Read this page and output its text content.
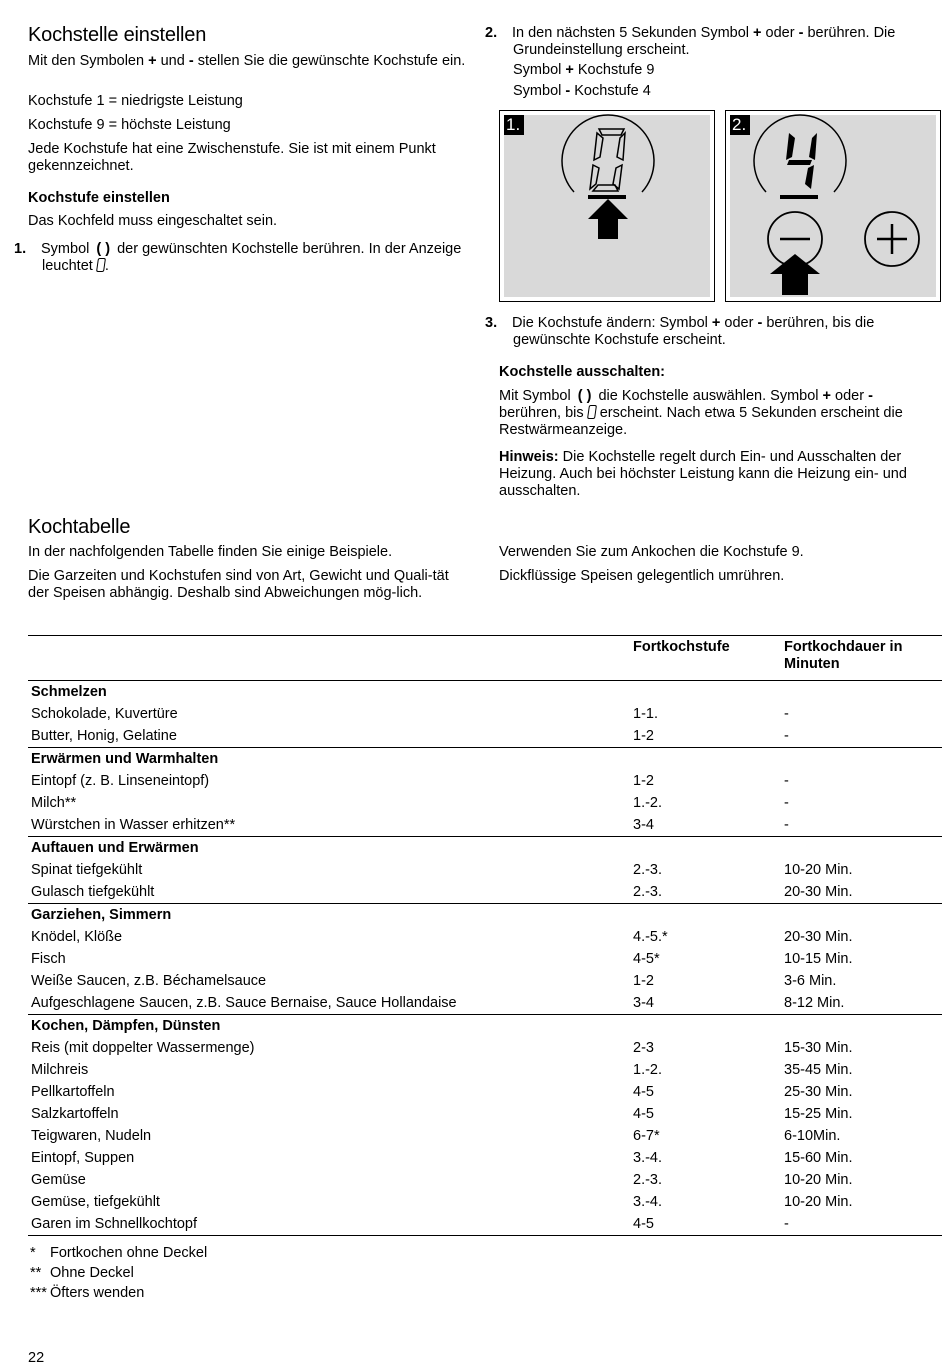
Kochstelle einstellen

Mit den Symbolen + und - stellen Sie die gewünschte Kochstufe ein.

Kochstufe 1 = niedrigste Leistung

Kochstufe 9 = höchste Leistung

Jede Kochstufe hat eine Zwischenstufe. Sie ist mit einem Punkt gekennzeichnet.

Kochstufe einstellen

Das Kochfeld muss eingeschaltet sein.

1. Symbol ( ) der gewünschten Kochstelle berühren. In der Anzeige leuchtet .

2. In den nächsten 5 Sekunden Symbol + oder - berühren. Die Grundeinstellung erscheint.

Symbol + Kochstufe 9

Symbol - Kochstufe 4

1.	2.

3. Die Kochstufe ändern: Symbol + oder - berühren, bis die gewünschte Kochstufe erscheint.

Kochstelle ausschalten:

Mit Symbol ( ) die Kochstelle auswählen. Symbol + oder - berühren, bis erscheint. Nach etwa 5 Sekunden erscheint die Restwärmeanzeige.

Hinweis: Die Kochstelle regelt durch Ein- und Ausschalten der Heizung. Auch bei höchster Leistung kann die Heizung ein- und ausschalten.

Kochtabelle

In der nachfolgenden Tabelle finden Sie einige Beispiele.

Die Garzeiten und Kochstufen sind von Art, Gewicht und Quali-tät der Speisen abhängig. Deshalb sind Abweichungen mög-lich.

Verwenden Sie zum Ankochen die Kochstufe 9.

Dickflüssige Speisen gelegentlich umrühren.

	Fortkochstufe	Fortkochdauer in Minuten
Schmelzen		
Schokolade, Kuvertüre	1-1.	-
Butter, Honig, Gelatine	1-2	-
Erwärmen und Warmhalten		
Eintopf (z. B. Linseneintopf)	1-2	-
Milch**	1.-2.	-
Würstchen in Wasser erhitzen**	3-4	-
Auftauen und Erwärmen		
Spinat tiefgekühlt	2.-3.	10-20 Min.
Gulasch tiefgekühlt	2.-3.	20-30 Min.
Garziehen, Simmern		
Knödel, Klöße	4.-5.*	20-30 Min.
Fisch	4-5*	10-15 Min.
Weiße Saucen, z.B. Béchamelsauce	1-2	3-6 Min.
Aufgeschlagene Saucen, z.B. Sauce Bernaise, Sauce Hollandaise	3-4	8-12 Min.
Kochen, Dämpfen, Dünsten		
Reis (mit doppelter Wassermenge)	2-3	15-30 Min.
Milchreis	1.-2.	35-45 Min.
Pellkartoffeln	4-5	25-30 Min.
Salzkartoffeln	4-5	15-25 Min.
Teigwaren, Nudeln	6-7*	6-10Min.
Eintopf, Suppen	3.-4.	15-60 Min.
Gemüse	2.-3.	10-20 Min.
Gemüse, tiefgekühlt	3.-4.	10-20 Min.
Garen im Schnellkochtopf	4-5	-
* Fortkochen ohne Deckel
** Ohne Deckel
*** Öfters wenden
22
